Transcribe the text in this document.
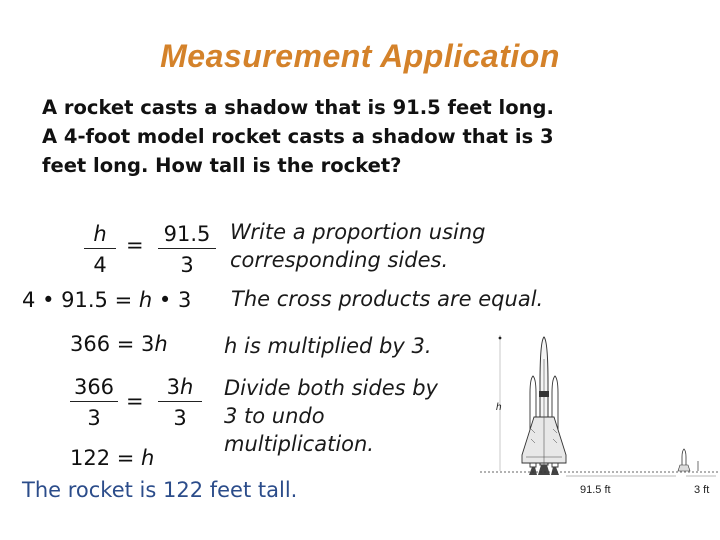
Measurement Application
A rocket casts a shadow that is 91.5 feet long.
A 4-foot model rocket casts a shadow that is 3
feet long. How tall is the rocket?
$\frac{h}{4} = \frac{91.5}{3}$ Write a proportion using
corresponding sides.
4 • 91.5 = h • 3 The cross products are equal.
366 = 3h	h is multiplied by 3.
$\frac{366}{3} = \frac{3h}{3}$ Divide both sides by
3 to undo
multiplication.
122 = h
The rocket is 122 feet tall.
h
91.5 ft	3 ft
